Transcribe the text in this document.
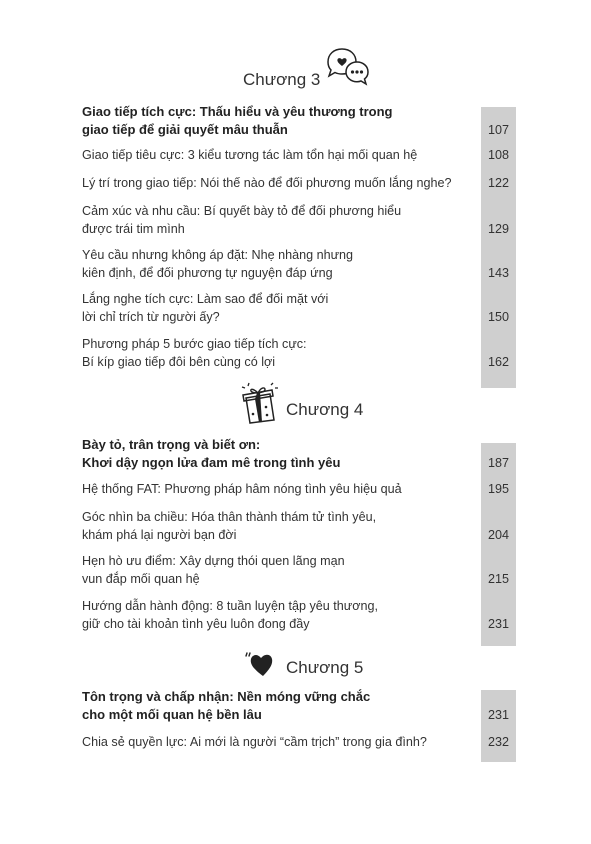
Chương 3
Giao tiếp tích cực: Thấu hiểu và yêu thương trong
giao tiếp để giải quyết mâu thuẫn	107
Giao tiếp tiêu cực: 3 kiểu tương tác làm tổn hại mối quan hệ	108
Lý trí trong giao tiếp: Nói thế nào để đối phương muốn lắng nghe?	122
Cảm xúc và nhu cầu: Bí quyết bày tỏ để đối phương hiểu
được trái tim mình	129
Yêu cầu nhưng không áp đặt: Nhẹ nhàng nhưng
kiên định, để đối phương tự nguyện đáp ứng	143
Lắng nghe tích cực: Làm sao để đối mặt với
lời chỉ trích từ người ấy?	150
Phương pháp 5 bước giao tiếp tích cực:
Bí kíp giao tiếp đôi bên cùng có lợi	162
Chương 4
Bày tỏ, trân trọng và biết ơn:
Khơi dậy ngọn lửa đam mê trong tình yêu	187
Hệ thống FAT: Phương pháp hâm nóng tình yêu hiệu quả	195
Góc nhìn ba chiều: Hóa thân thành thám tử tình yêu,
khám phá lại người bạn đời	204
Hẹn hò ưu điểm: Xây dựng thói quen lãng mạn
vun đắp mối quan hệ	215
Hướng dẫn hành động: 8 tuần luyện tập yêu thương,
giữ cho tài khoản tình yêu luôn đong đầy	231
Chương 5
Tôn trọng và chấp nhận: Nền móng vững chắc
cho một mối quan hệ bền lâu	231
Chia sẻ quyền lực: Ai mới là người “cầm trịch” trong gia đình?	232
